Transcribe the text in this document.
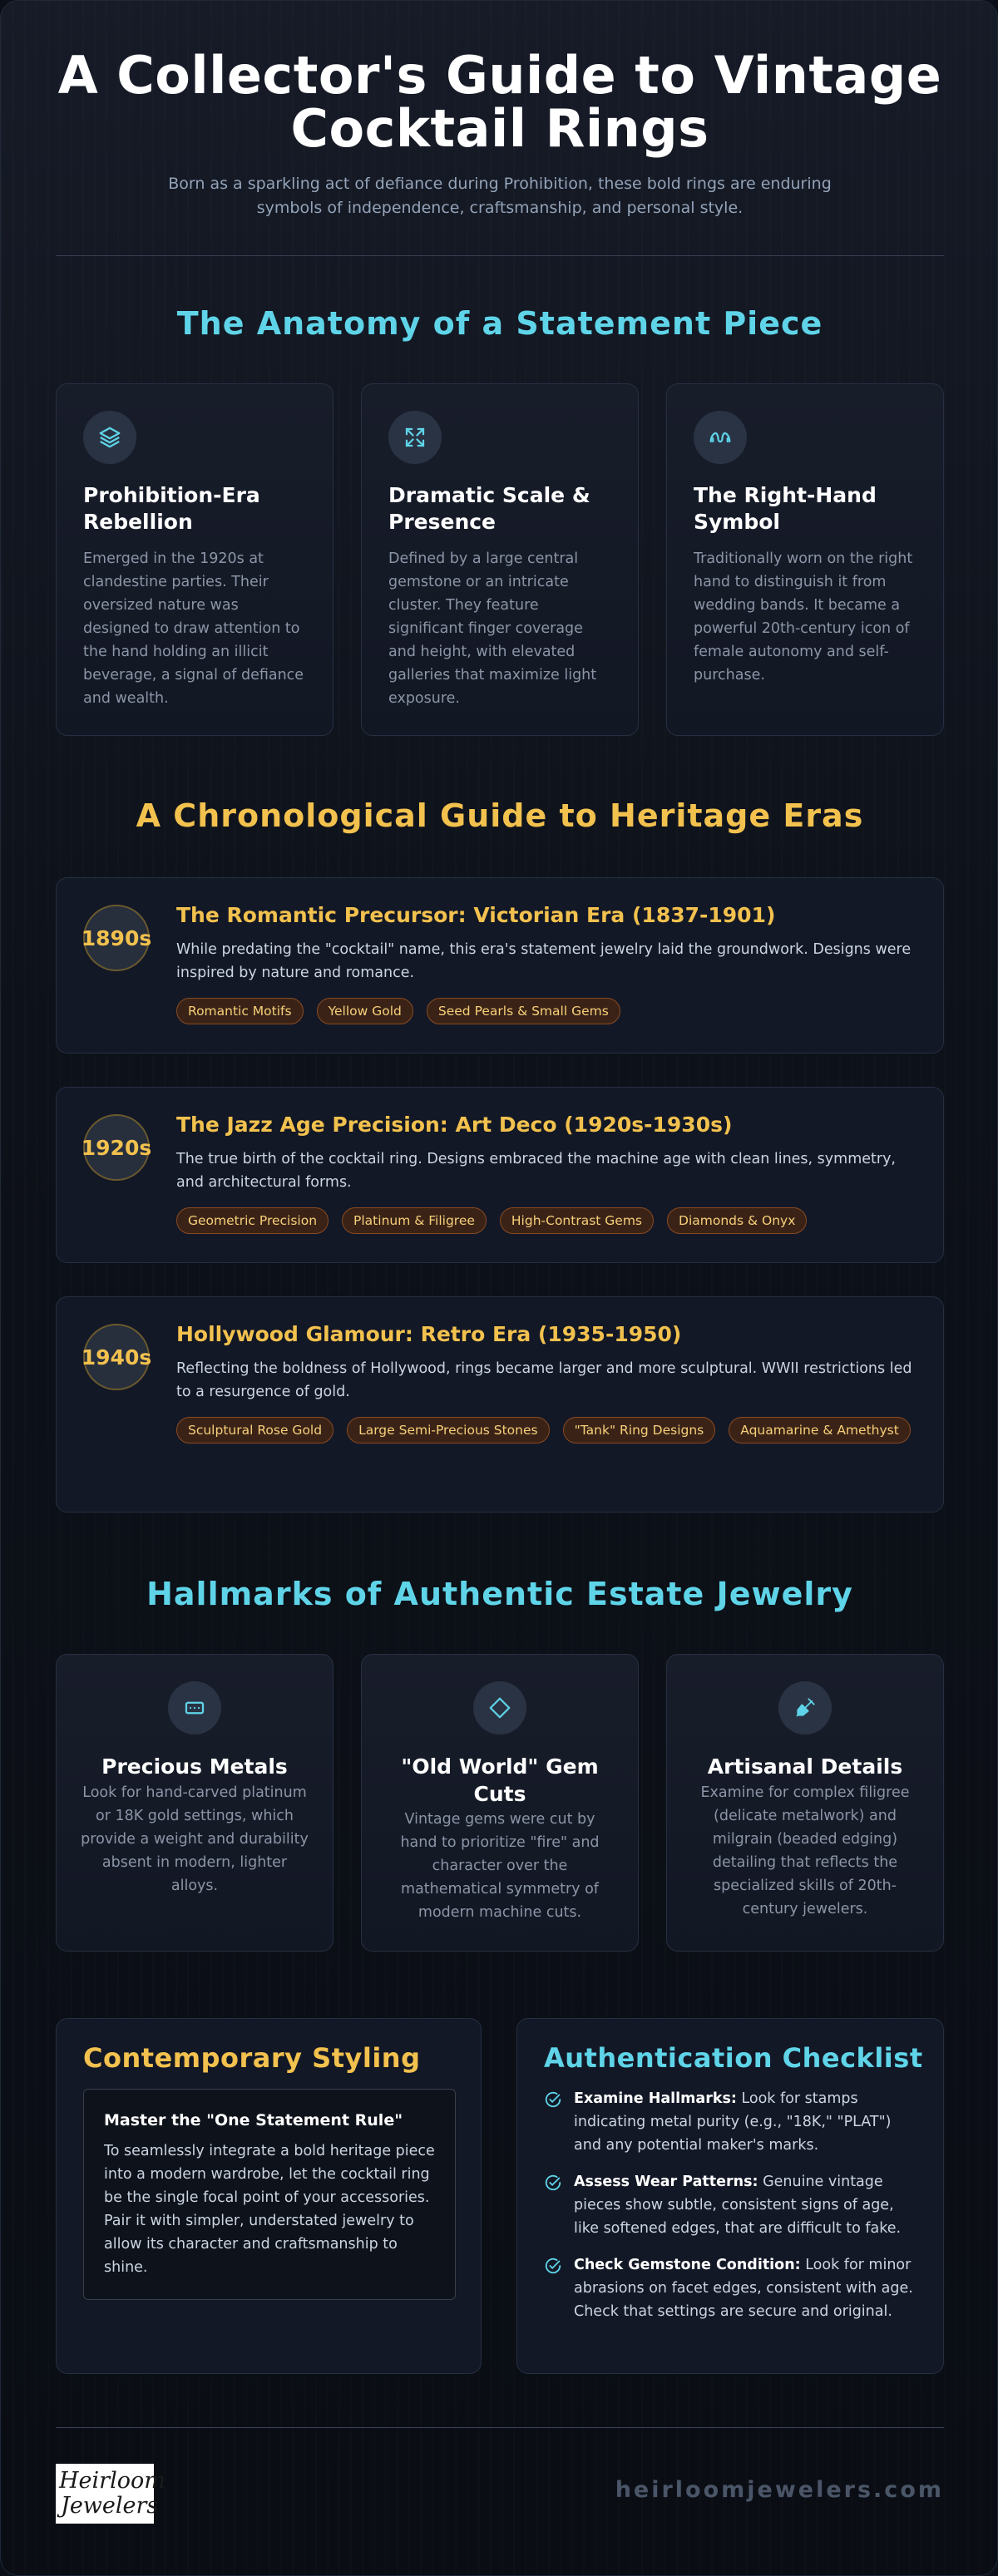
A Collector's Guide to Vintage
Cocktail Rings

Born as a sparkling act of defiance during Prohibition, these bold rings are enduring symbols of independence, craftsmanship, and personal style.

The Anatomy of a Statement Piece
Prohibition-Era Rebellion

Emerged in the 1920s at clandestine parties. Their oversized nature was designed to draw attention to the hand holding an illicit beverage, a signal of defiance and wealth.

Dramatic Scale & Presence

Defined by a large central gemstone or an intricate cluster. They feature significant finger coverage and height, with elevated galleries that maximize light exposure.

The Right-Hand Symbol

Traditionally worn on the right hand to distinguish it from wedding bands. It became a powerful 20th-century icon of female autonomy and self-purchase.

A Chronological Guide to Heritage Eras
1890s
The Romantic Precursor: Victorian Era (1837-1901)

While predating the "cocktail" name, this era's statement jewelry laid the groundwork. Designs were inspired by nature and romance.

Romantic Motifs	Yellow Gold	Seed Pearls & Small Gems
1920s
The Jazz Age Precision: Art Deco (1920s-1930s)

The true birth of the cocktail ring. Designs embraced the machine age with clean lines, symmetry, and architectural forms.

Geometric Precision	Platinum & Filigree	High-Contrast Gems	Diamonds & Onyx
1940s
Hollywood Glamour: Retro Era (1935-1950)

Reflecting the boldness of Hollywood, rings became larger and more sculptural. WWII restrictions led to a resurgence of gold.

Sculptural Rose Gold	Large Semi-Precious Stones	"Tank" Ring Designs	Aquamarine & Amethyst
Hallmarks of Authentic Estate Jewelry
Precious Metals

Look for hand-carved platinum or 18K gold settings, which provide a weight and durability absent in modern, lighter alloys.

"Old World" Gem Cuts

Vintage gems were cut by hand to prioritize "fire" and character over the mathematical symmetry of modern machine cuts.

Artisanal Details

Examine for complex filigree (delicate metalwork) and milgrain (beaded edging) detailing that reflects the specialized skills of 20th-century jewelers.

Contemporary Styling
Master the "One Statement Rule"

To seamlessly integrate a bold heritage piece into a modern wardrobe, let the cocktail ring be the single focal point of your accessories. Pair it with simpler, understated jewelry to allow its character and craftsmanship to shine.

Authentication Checklist
Examine Hallmarks: Look for stamps indicating metal purity (e.g., "18K," "PLAT") and any potential maker's marks.
Assess Wear Patterns: Genuine vintage pieces show subtle, consistent signs of age, like softened edges, that are difficult to fake.
Check Gemstone Condition: Look for minor abrasions on facet edges, consistent with age. Check that settings are secure and original.
Heirloom
Jewelers
heirloomjewelers.com
